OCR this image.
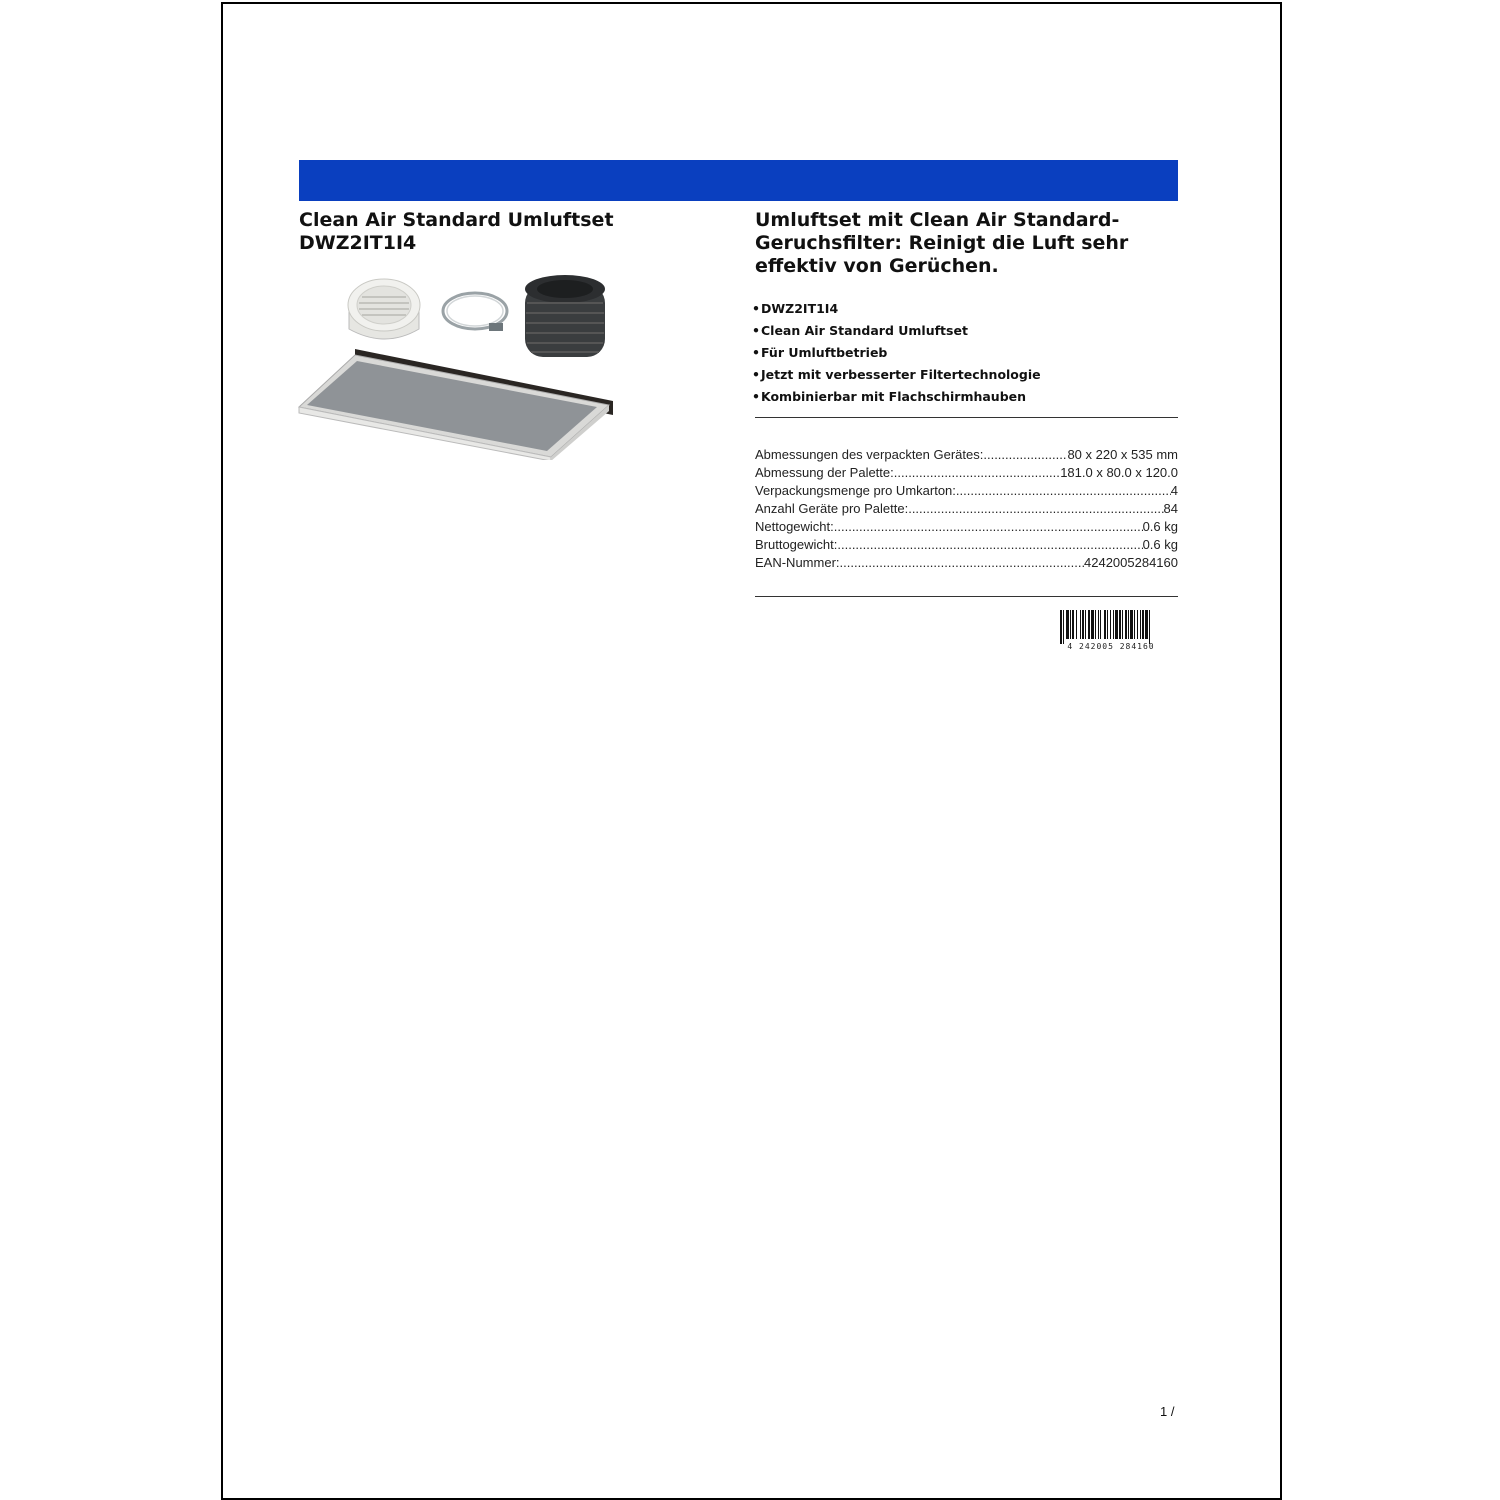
Clean Air Standard Umluftset
DWZ2IT1I4
Umluftset mit Clean Air Standard-Geruchsfilter: Reinigt die Luft sehr effektiv von Gerüchen.
•DWZ2IT1I4
•Clean Air Standard Umluftset
•Für Umluftbetrieb
•Jetzt mit verbesserter Filtertechnologie
•Kombinierbar mit Flachschirmhauben
Abmessungen des verpackten Gerätes: .....	80 x 220 x 535 mm
Abmessung der Palette: .....	181.0 x 80.0 x 120.0
Verpackungsmenge pro Umkarton: .....	4
Anzahl Geräte pro Palette: .....	84
Nettogewicht: .....	0.6 kg
Bruttogewicht: .....	0.6 kg
EAN-Nummer: .....	4242005284160
4 242005 284160
1 /
